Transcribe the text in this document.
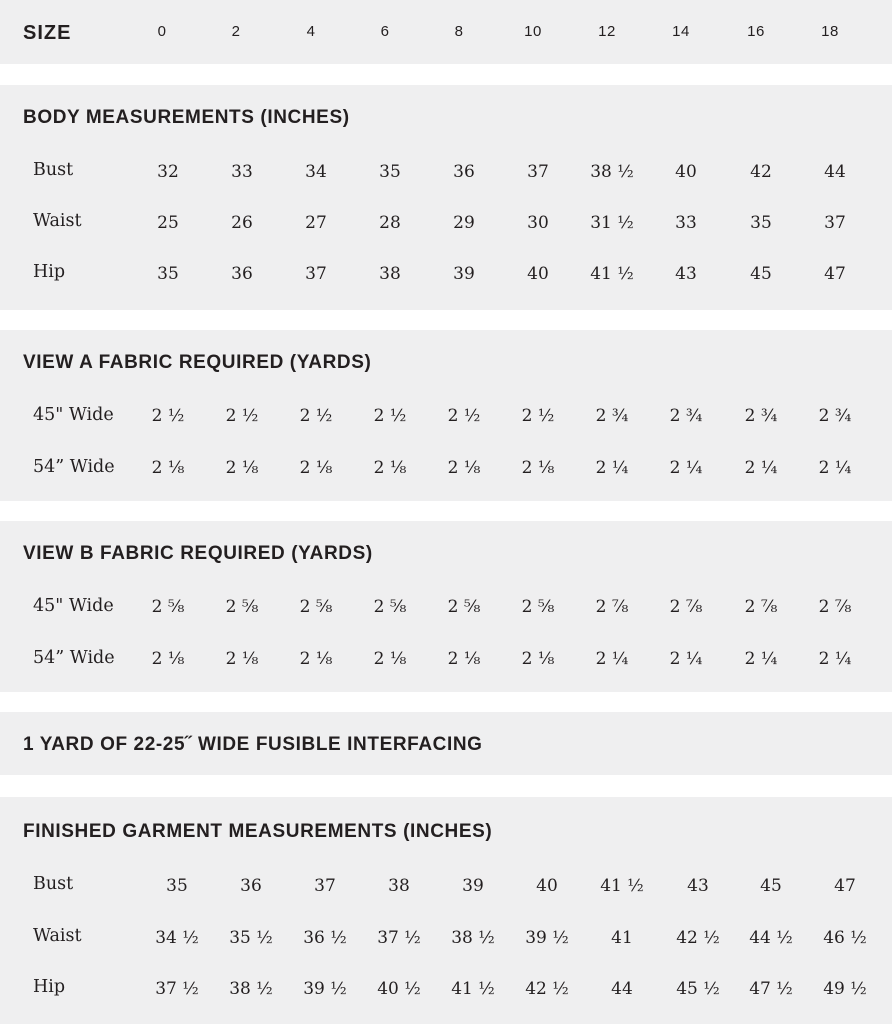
SIZE	0	2	4	6	8	10	12	14	16	18
BODY MEASUREMENTS (INCHES)
Bust	32	33	34	35	36	37	38 ½	40	42	44
Waist	25	26	27	28	29	30	31 ½	33	35	37
Hip	35	36	37	38	39	40	41 ½	43	45	47
VIEW A FABRIC REQUIRED (YARDS)
45" Wide	2 ½	2 ½	2 ½	2 ½	2 ½	2 ½	2 ¾	2 ¾	2 ¾	2 ¾
54” Wide	2 ⅛	2 ⅛	2 ⅛	2 ⅛	2 ⅛	2 ⅛	2 ¼	2 ¼	2 ¼	2 ¼
VIEW B FABRIC REQUIRED (YARDS)
45" Wide	2 ⅝	2 ⅝	2 ⅝	2 ⅝	2 ⅝	2 ⅝	2 ⅞	2 ⅞	2 ⅞	2 ⅞
54” Wide	2 ⅛	2 ⅛	2 ⅛	2 ⅛	2 ⅛	2 ⅛	2 ¼	2 ¼	2 ¼	2 ¼
1 YARD OF 22-25˝ WIDE FUSIBLE INTERFACING
FINISHED GARMENT MEASUREMENTS (INCHES)
Bust	35	36	37	38	39	40	41 ½	43	45	47
Waist	34 ½	35 ½	36 ½	37 ½	38 ½	39 ½	41	42 ½	44 ½	46 ½
Hip	37 ½	38 ½	39 ½	40 ½	41 ½	42 ½	44	45 ½	47 ½	49 ½
